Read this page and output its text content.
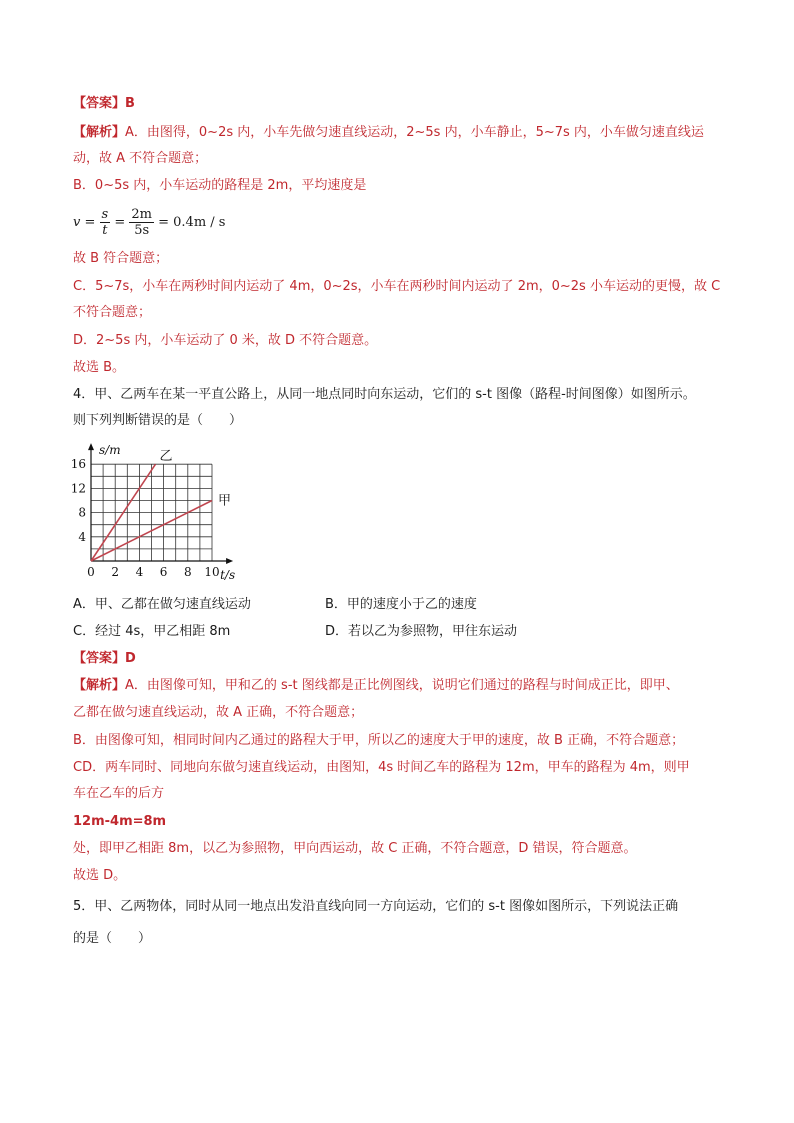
【答案】B
【解析】A．由图得，0~2s 内，小车先做匀速直线运动，2~5s 内，小车静止，5~7s 内，小车做匀速直线运
动，故 A 不符合题意；
B．0~5s 内，小车运动的路程是 2m，平均速度是
$v = \frac{s}{t} = \frac{2m}{5s} = 0.4m / s$
故 B 符合题意；
C．5~7s，小车在两秒时间内运动了 4m，0~2s，小车在两秒时间内运动了 2m，0~2s 小车运动的更慢，故 C
不符合题意；
D．2~5s 内，小车运动了 0 米，故 D 不符合题意。
故选 B。
4．甲、乙两车在某一平直公路上，从同一地点同时向东运动，它们的 s-t 图像（路程-时间图像）如图所示。
则下列判断错误的是（　　）
0 2 4 6 8 10
4
8
12
16
s/m
t/s
甲
乙
A．甲、乙都在做匀速直线运动	B．甲的速度小于乙的速度
C．经过 4s，甲乙相距 8m	D．若以乙为参照物，甲往东运动
【答案】D
【解析】A．由图像可知，甲和乙的 s-t 图线都是正比例图线，说明它们通过的路程与时间成正比，即甲、
乙都在做匀速直线运动，故 A 正确，不符合题意；
B．由图像可知，相同时间内乙通过的路程大于甲，所以乙的速度大于甲的速度，故 B 正确，不符合题意；
CD．两车同时、同地向东做匀速直线运动，由图知，4s 时间乙车的路程为 12m，甲车的路程为 4m，则甲
车在乙车的后方
12m-4m=8m
处，即甲乙相距 8m，以乙为参照物，甲向西运动，故 C 正确，不符合题意，D 错误，符合题意。
故选 D。
5．甲、乙两物体，同时从同一地点出发沿直线向同一方向运动，它们的 s-t 图像如图所示，下列说法正确
的是（　　）
